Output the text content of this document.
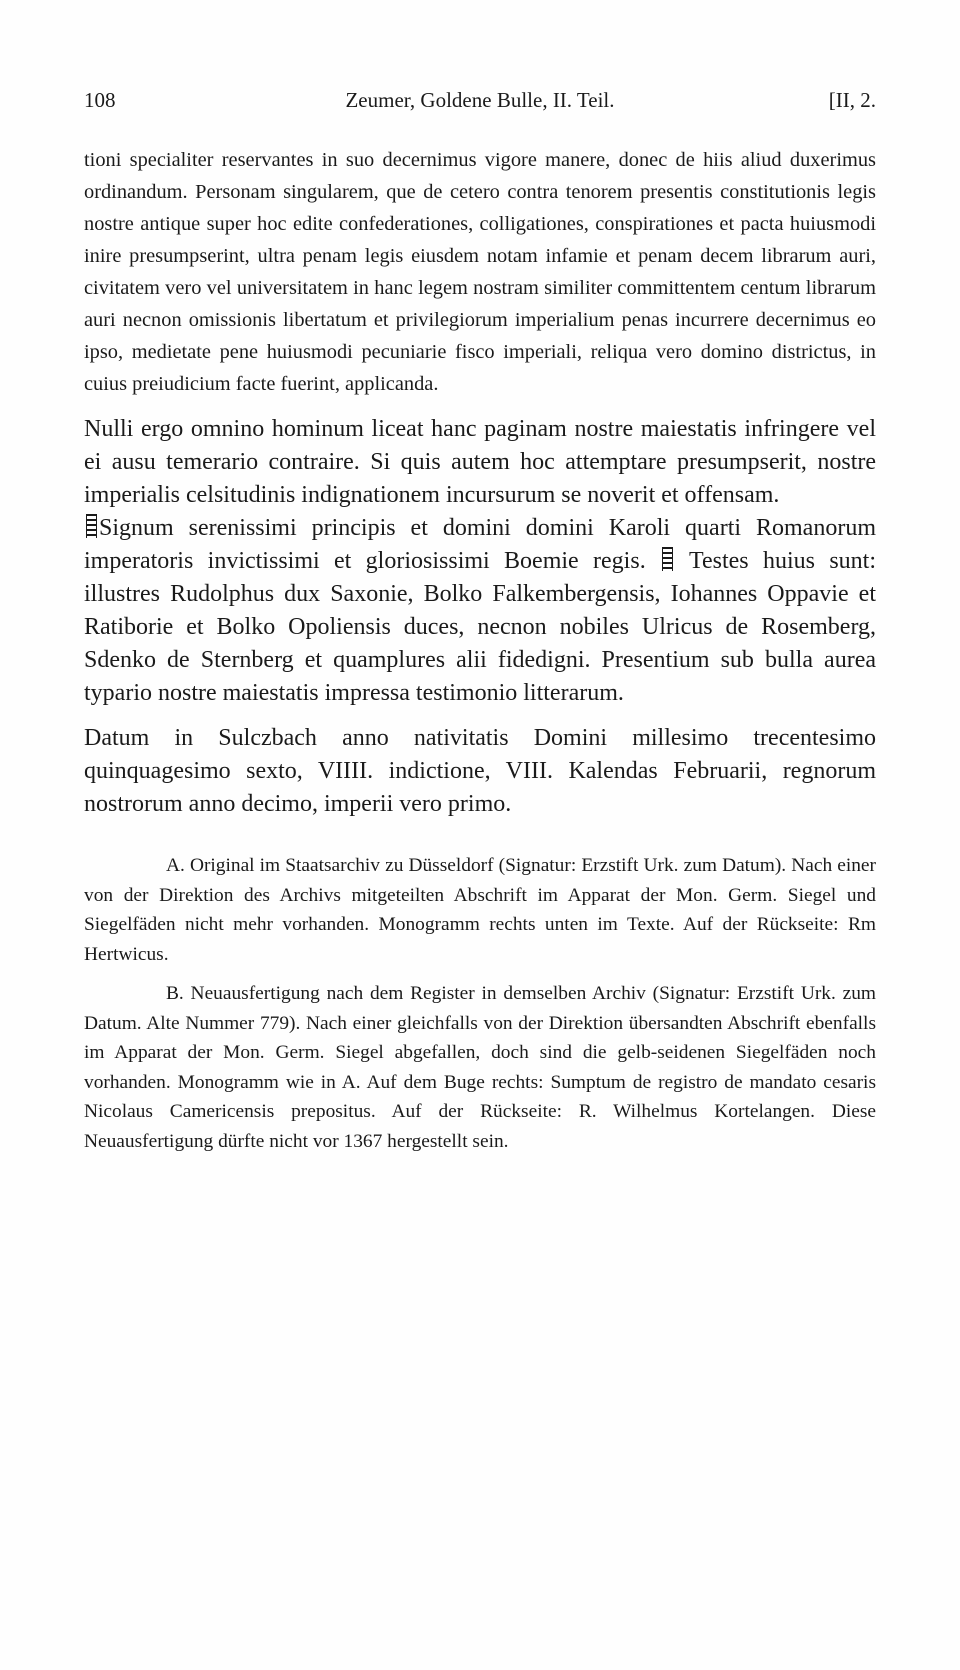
108	Zeumer, Goldene Bulle, II. Teil.	[II, 2.

tioni specialiter reservantes in suo decernimus vigore manere, donec de hiis aliud duxerimus ordinandum. Personam singularem, que de cetero contra tenorem presentis constitutionis legis nostre antique super hoc edite confederationes, colligationes, conspirationes et pacta huiusmodi inire presumpserint, ultra penam legis eiusdem notam infamie et penam decem librarum auri, civitatem vero vel universitatem in hanc legem nostram similiter committentem centum librarum auri necnon omissionis libertatum et privilegiorum imperialium penas incurrere decernimus eo ipso, medietate pene huiusmodi pecuniarie fisco imperiali, reliqua vero domino districtus, in cuius preiudicium facte fuerint, applicanda.

Nulli ergo omnino hominum liceat hanc paginam nostre maiestatis infringere vel ei ausu temerario contraire. Si quis autem hoc attemptare presumpserit, nostre imperialis celsitudinis indignationem incursurum se noverit et offensam.
Signum serenissimi principis et domini domini Karoli quarti Romanorum imperatoris invictissimi et gloriosissimi Boemie regis. Testes huius sunt: illustres Rudolphus dux Saxonie, Bolko Falkembergensis, Iohannes Oppavie et Ratiborie et Bolko Opoliensis duces, necnon nobiles Ulricus de Rosemberg, Sdenko de Sternberg et quamplures alii fidedigni. Presentium sub bulla aurea typario nostre maiestatis impressa testimonio litterarum.

Datum in Sulczbach anno nativitatis Domini millesimo trecentesimo quinquagesimo sexto, VIIII. indictione, VIII. Kalendas Februarii, regnorum nostrorum anno decimo, imperii vero primo.

A. Original im Staatsarchiv zu Düsseldorf (Signatur: Erzstift Urk. zum Datum). Nach einer von der Direktion des Archivs mitgeteilten Abschrift im Apparat der Mon. Germ. Siegel und Siegelfäden nicht mehr vorhanden. Monogramm rechts unten im Texte. Auf der Rückseite: Rm Hertwicus.

B. Neuausfertigung nach dem Register in demselben Archiv (Signatur: Erzstift Urk. zum Datum. Alte Nummer 779). Nach einer gleichfalls von der Direktion übersandten Abschrift ebenfalls im Apparat der Mon. Germ. Siegel abgefallen, doch sind die gelb-seidenen Siegelfäden noch vorhanden. Monogramm wie in A. Auf dem Buge rechts: Sumptum de registro de mandato cesaris Nicolaus Camericensis prepositus. Auf der Rückseite: R. Wilhelmus Kortelangen. Diese Neuausfertigung dürfte nicht vor 1367 hergestellt sein.
